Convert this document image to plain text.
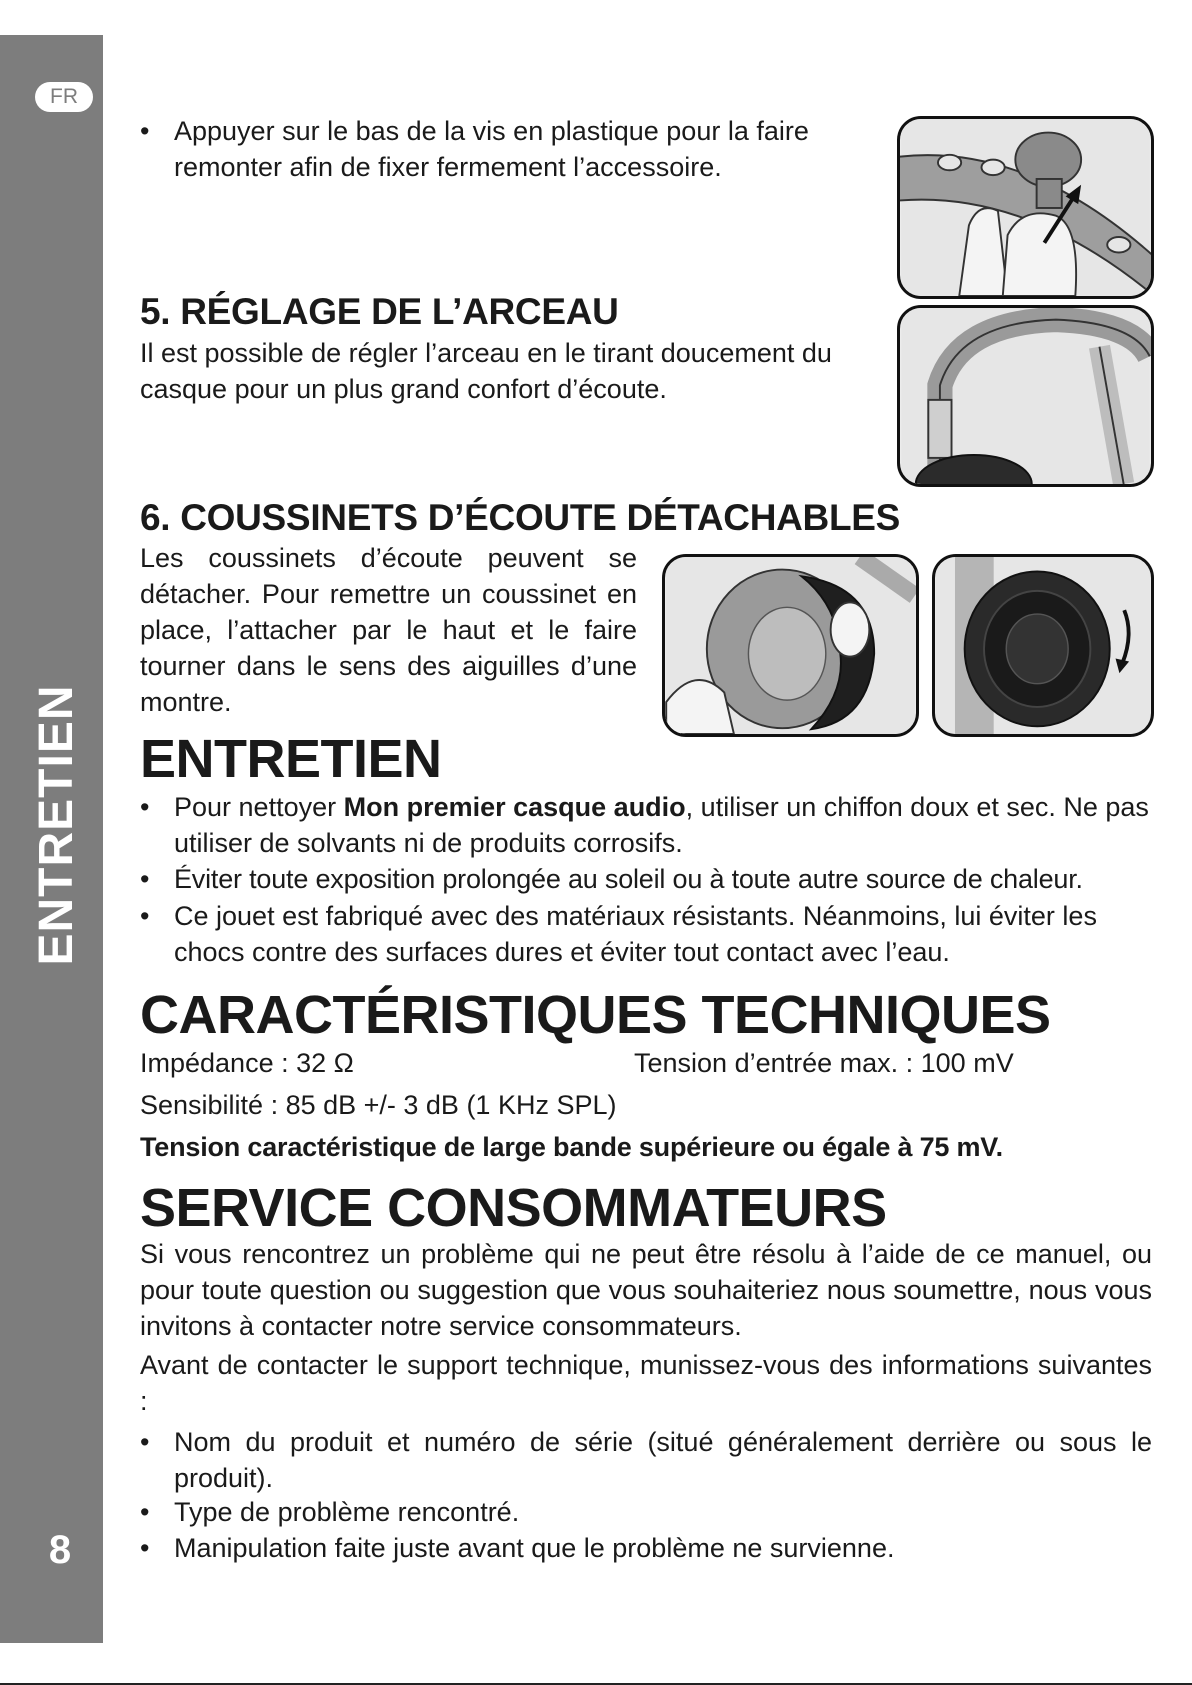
FR
ENTRETIEN
8
• Appuyer sur le bas de la vis en plastique pour la faire remonter afin de fixer fermement l’accessoire.
5. RÉGLAGE DE L’ARCEAU
Il est possible de régler l’arceau en le tirant doucement du casque pour un plus grand confort d’écoute.
6. COUSSINETS D’ÉCOUTE DÉTACHABLES
Les coussinets d’écoute peuvent se détacher. Pour remettre un coussinet en place, l’attacher par le haut et le faire tourner dans le sens des aiguilles d’une montre.
ENTRETIEN
• Pour nettoyer Mon premier casque audio, utiliser un chiffon doux et sec. Ne pas utiliser de solvants ni de produits corrosifs.
• Éviter toute exposition prolongée au soleil ou à toute autre source de chaleur.
• Ce jouet est fabriqué avec des matériaux résistants. Néanmoins, lui éviter les chocs contre des surfaces dures et éviter tout contact avec l’eau.
CARACTÉRISTIQUES TECHNIQUES
Impédance : 32 Ω	Tension d’entrée max. : 100 mV
Sensibilité : 85 dB +/- 3 dB (1 KHz SPL)
Tension caractéristique de large bande supérieure ou égale à 75 mV.
SERVICE CONSOMMATEURS
Si vous rencontrez un problème qui ne peut être résolu à l’aide de ce manuel, ou pour toute question ou suggestion que vous souhaiteriez nous soumettre, nous vous invitons à contacter notre service consommateurs.
Avant de contacter le support technique, munissez-vous des informations suivantes :
• Nom du produit et numéro de série (situé généralement derrière ou sous le produit).
• Type de problème rencontré.
• Manipulation faite juste avant que le problème ne survienne.
